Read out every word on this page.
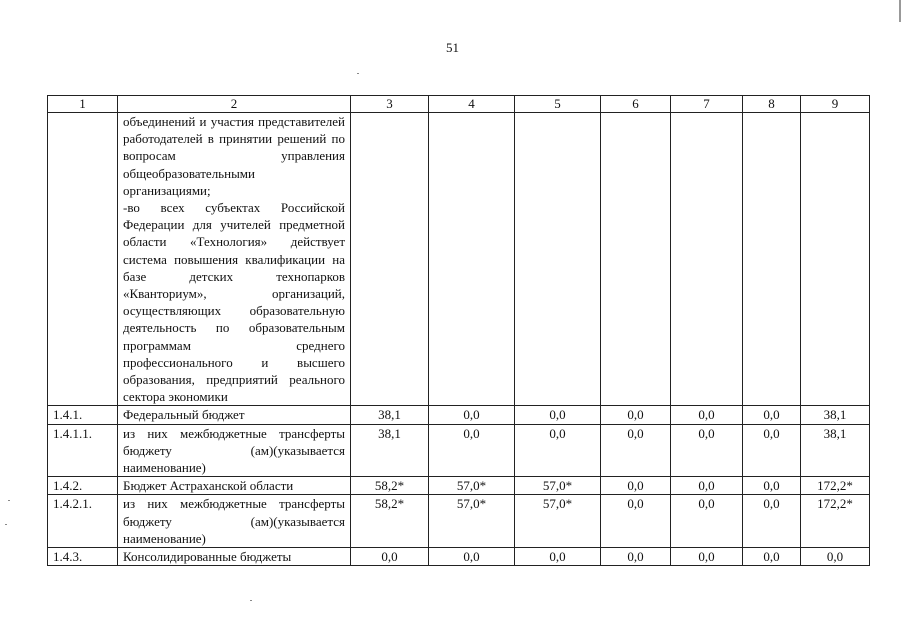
51
1	2	3	4	5	6	7	8	9

	объединений и участия представителей работодателей в принятии решений по вопросам управления общеобразовательными организациями;
-во всех субъектах Российской Федерации для учителей предметной области «Технология» действует система повышения квалификации на базе детских технопарков «Кванториум», организаций, осуществляющих образовательную деятельность по образовательным программам среднего профессионального и высшего образования, предприятий реального сектора экономики							

1.4.1.	Федеральный бюджет	38,1	0,0	0,0	0,0	0,0	0,0	38,1
1.4.1.1.	из них межбюджетные трансферты бюджету (ам)(указывается наименование)	38,1	0,0	0,0	0,0	0,0	0,0	38,1
1.4.2.	Бюджет Астраханской области	58,2*	57,0*	57,0*	0,0	0,0	0,0	172,2*
1.4.2.1.	из них межбюджетные трансферты бюджету (ам)(указывается наименование)	58,2*	57,0*	57,0*	0,0	0,0	0,0	172,2*
1.4.3.	Консолидированные бюджеты	0,0	0,0	0,0	0,0	0,0	0,0	0,0
